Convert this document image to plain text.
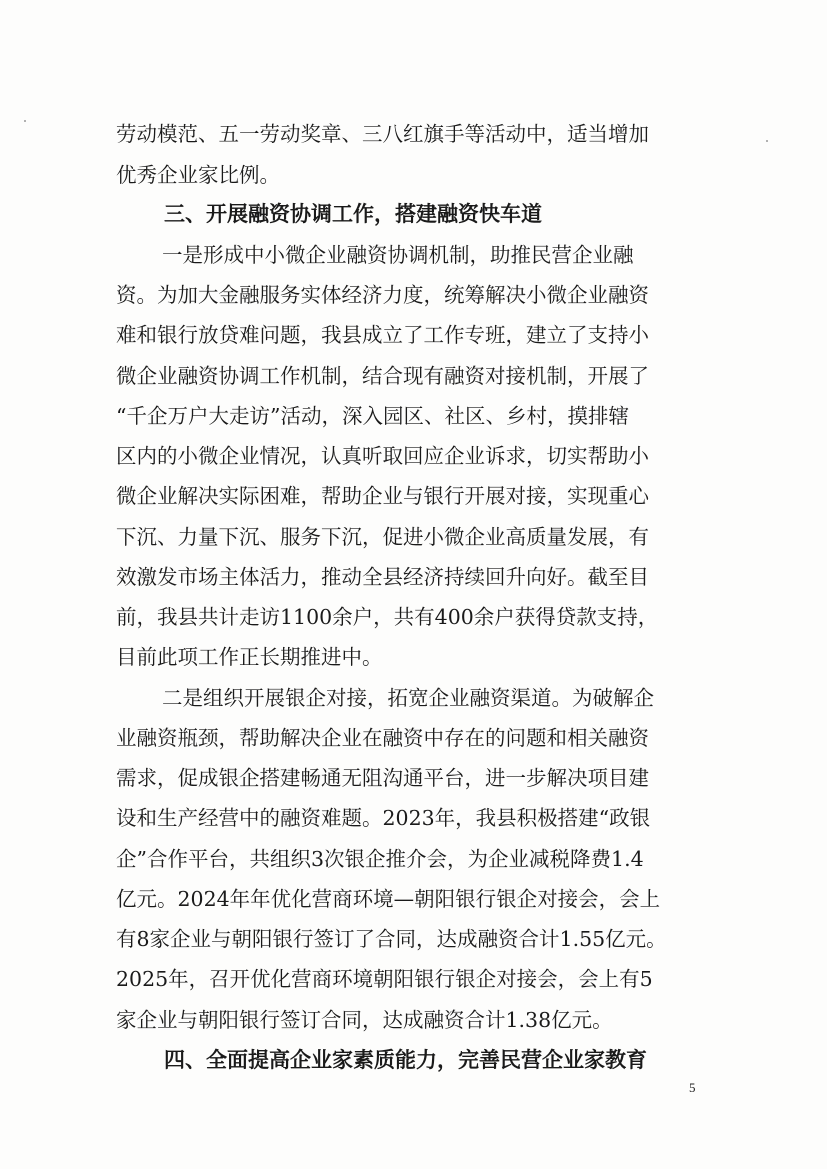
劳动模范、五一劳动奖章、三八红旗手等活动中，适当增加
优秀企业家比例。
三、开展融资协调工作，搭建融资快车道
一是形成中小微企业融资协调机制，助推民营企业融
资。为加大金融服务实体经济力度，统筹解决小微企业融资
难和银行放贷难问题，我县成立了工作专班，建立了支持小
微企业融资协调工作机制，结合现有融资对接机制，开展了
“千企万户大走访”活动，深入园区、社区、乡村，摸排辖
区内的小微企业情况，认真听取回应企业诉求，切实帮助小
微企业解决实际困难，帮助企业与银行开展对接，实现重心
下沉、力量下沉、服务下沉，促进小微企业高质量发展，有
效激发市场主体活力，推动全县经济持续回升向好。截至目
前，我县共计走访1100余户，共有400余户获得贷款支持，
目前此项工作正长期推进中。
二是组织开展银企对接，拓宽企业融资渠道。为破解企
业融资瓶颈，帮助解决企业在融资中存在的问题和相关融资
需求，促成银企搭建畅通无阻沟通平台，进一步解决项目建
设和生产经营中的融资难题。2023年，我县积极搭建“政银
企”合作平台，共组织3次银企推介会，为企业减税降费1.4
亿元。2024年年优化营商环境—朝阳银行银企对接会，会上
有8家企业与朝阳银行签订了合同，达成融资合计1.55亿元。
2025年，召开优化营商环境朝阳银行银企对接会，会上有5
家企业与朝阳银行签订合同，达成融资合计1.38亿元。
四、全面提高企业家素质能力，完善民营企业家教育
5
